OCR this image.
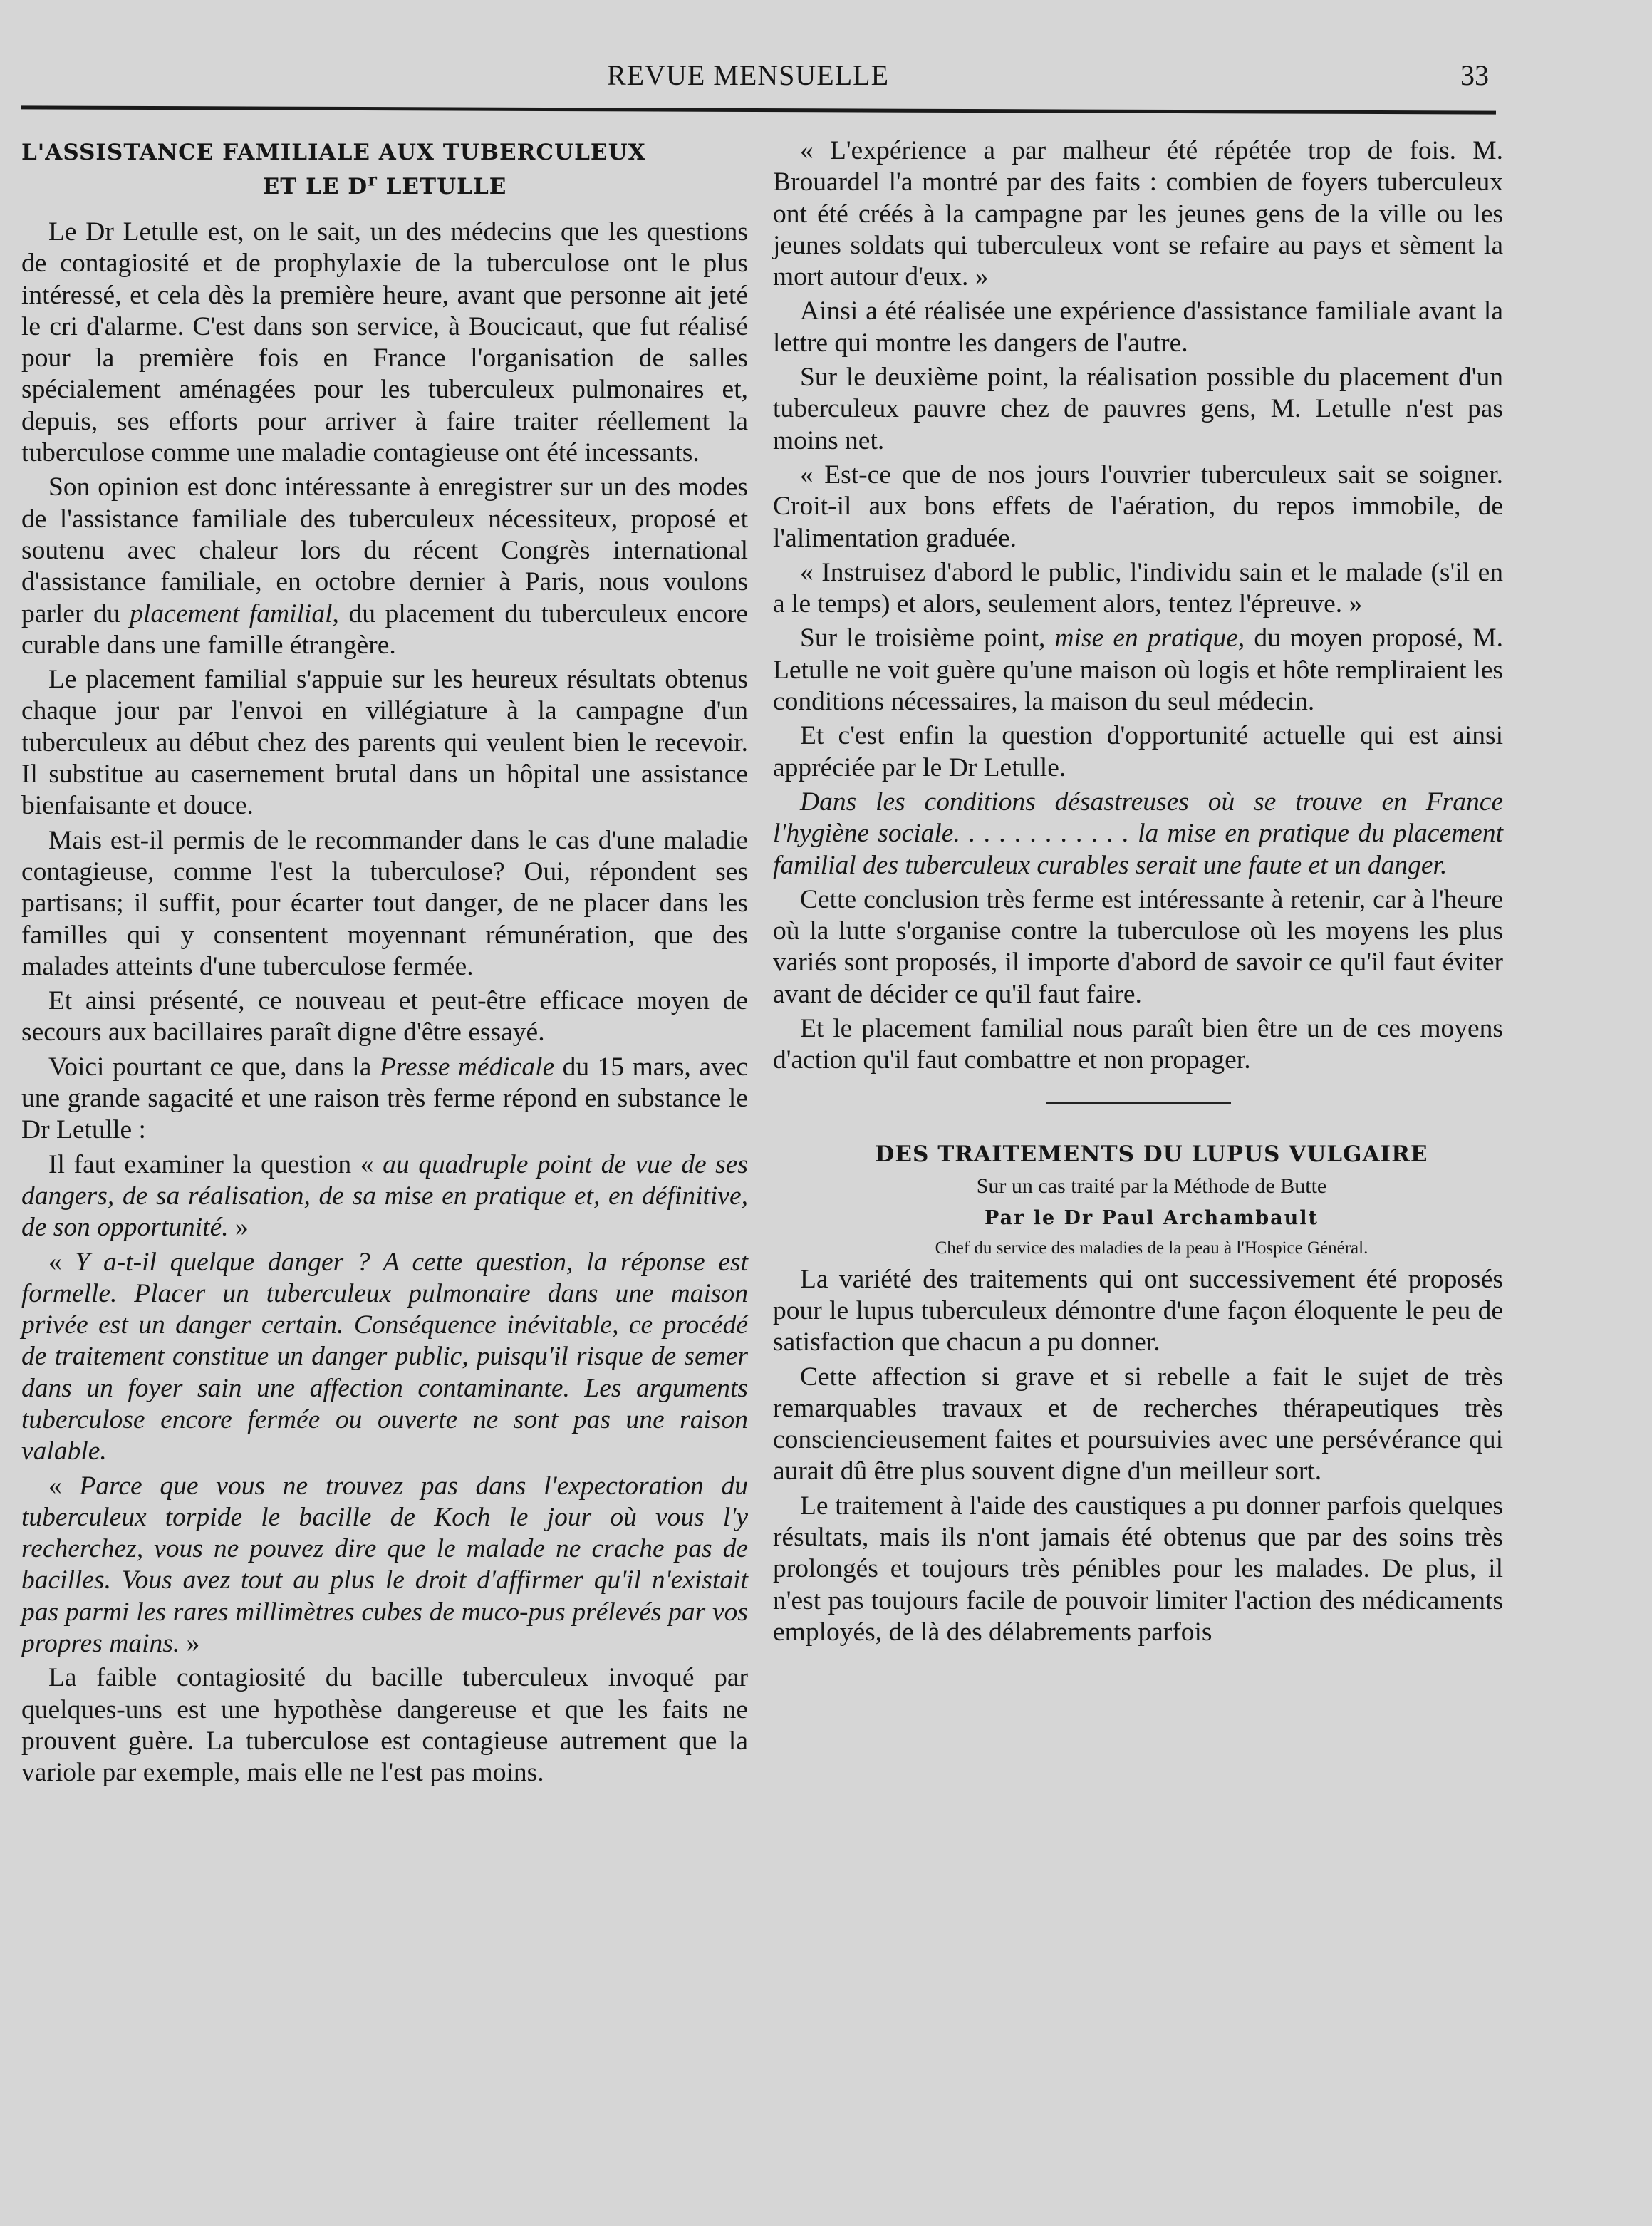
REVUE MENSUELLE	33

L'ASSISTANCE FAMILIALE AUX TUBERCULEUX

ET LE $D^r$ LETULLE

Le Dr Letulle est, on le sait, un des médecins que les questions de contagiosité et de prophylaxie de la tuberculose ont le plus intéressé, et cela dès la première heure, avant que personne ait jeté le cri d'alarme. C'est dans son service, à Boucicaut, que fut réalisé pour la première fois en France l'organisation de salles spécialement aménagées pour les tuberculeux pulmonaires et, depuis, ses efforts pour arriver à faire traiter réellement la tuberculose comme une maladie contagieuse ont été incessants.

Son opinion est donc intéressante à enregistrer sur un des modes de l'assistance familiale des tuberculeux nécessiteux, proposé et soutenu avec chaleur lors du récent Congrès international d'assistance familiale, en octobre dernier à Paris, nous voulons parler du placement familial, du placement du tuberculeux encore curable dans une famille étrangère.

Le placement familial s'appuie sur les heureux résultats obtenus chaque jour par l'envoi en villégiature à la campagne d'un tuberculeux au début chez des parents qui veulent bien le recevoir. Il substitue au casernement brutal dans un hôpital une assistance bienfaisante et douce.

Mais est-il permis de le recommander dans le cas d'une maladie contagieuse, comme l'est la tuberculose? Oui, répondent ses partisans; il suffit, pour écarter tout danger, de ne placer dans les familles qui y consentent moyennant rémunération, que des malades atteints d'une tuberculose fermée.

Et ainsi présenté, ce nouveau et peut-être efficace moyen de secours aux bacillaires paraît digne d'être essayé.

Voici pourtant ce que, dans la Presse médicale du 15 mars, avec une grande sagacité et une raison très ferme répond en substance le Dr Letulle :

Il faut examiner la question « au quadruple point de vue de ses dangers, de sa réalisation, de sa mise en pratique et, en définitive, de son opportunité. »

« Y a-t-il quelque danger ? A cette question, la réponse est formelle. Placer un tuberculeux pulmonaire dans une maison privée est un danger certain. Conséquence inévitable, ce procédé de traitement constitue un danger public, puisqu'il risque de semer dans un foyer sain une affection contaminante. Les arguments tuberculose encore fermée ou ouverte ne sont pas une raison valable.

« Parce que vous ne trouvez pas dans l'expectoration du tuberculeux torpide le bacille de Koch le jour où vous l'y recherchez, vous ne pouvez dire que le malade ne crache pas de bacilles. Vous avez tout au plus le droit d'affirmer qu'il n'existait pas parmi les rares millimètres cubes de muco-pus prélevés par vos propres mains. »

La faible contagiosité du bacille tuberculeux invoqué par quelques-uns est une hypothèse dangereuse et que les faits ne prouvent guère. La tuberculose est contagieuse autrement que la variole par exemple, mais elle ne l'est pas moins.

« L'expérience a par malheur été répétée trop de fois. M. Brouardel l'a montré par des faits : combien de foyers tuberculeux ont été créés à la campagne par les jeunes gens de la ville ou les jeunes soldats qui tuberculeux vont se refaire au pays et sèment la mort autour d'eux. »

Ainsi a été réalisée une expérience d'assistance familiale avant la lettre qui montre les dangers de l'autre.

Sur le deuxième point, la réalisation possible du placement d'un tuberculeux pauvre chez de pauvres gens, M. Letulle n'est pas moins net.

« Est-ce que de nos jours l'ouvrier tuberculeux sait se soigner. Croit-il aux bons effets de l'aération, du repos immobile, de l'alimentation graduée.

« Instruisez d'abord le public, l'individu sain et le malade (s'il en a le temps) et alors, seulement alors, tentez l'épreuve. »

Sur le troisième point, mise en pratique, du moyen proposé, M. Letulle ne voit guère qu'une maison où logis et hôte rempliraient les conditions nécessaires, la maison du seul médecin.

Et c'est enfin la question d'opportunité actuelle qui est ainsi appréciée par le Dr Letulle.

Dans les conditions désastreuses où se trouve en France l'hygiène sociale. . . . . . . . . . . . la mise en pratique du placement familial des tuberculeux curables serait une faute et un danger.

Cette conclusion très ferme est intéressante à retenir, car à l'heure où la lutte s'organise contre la tuberculose où les moyens les plus variés sont proposés, il importe d'abord de savoir ce qu'il faut éviter avant de décider ce qu'il faut faire.

Et le placement familial nous paraît bien être un de ces moyens d'action qu'il faut combattre et non propager.

DES TRAITEMENTS DU LUPUS VULGAIRE

Sur un cas traité par la Méthode de Butte

Par le Dr Paul Archambault

Chef du service des maladies de la peau à l'Hospice Général.

La variété des traitements qui ont successivement été proposés pour le lupus tuberculeux démontre d'une façon éloquente le peu de satisfaction que chacun a pu donner.

Cette affection si grave et si rebelle a fait le sujet de très remarquables travaux et de recherches thérapeutiques très consciencieusement faites et poursuivies avec une persévérance qui aurait dû être plus souvent digne d'un meilleur sort.

Le traitement à l'aide des caustiques a pu donner parfois quelques résultats, mais ils n'ont jamais été obtenus que par des soins très prolongés et toujours très pénibles pour les malades. De plus, il n'est pas toujours facile de pouvoir limiter l'action des médicaments employés, de là des délabrements parfois
